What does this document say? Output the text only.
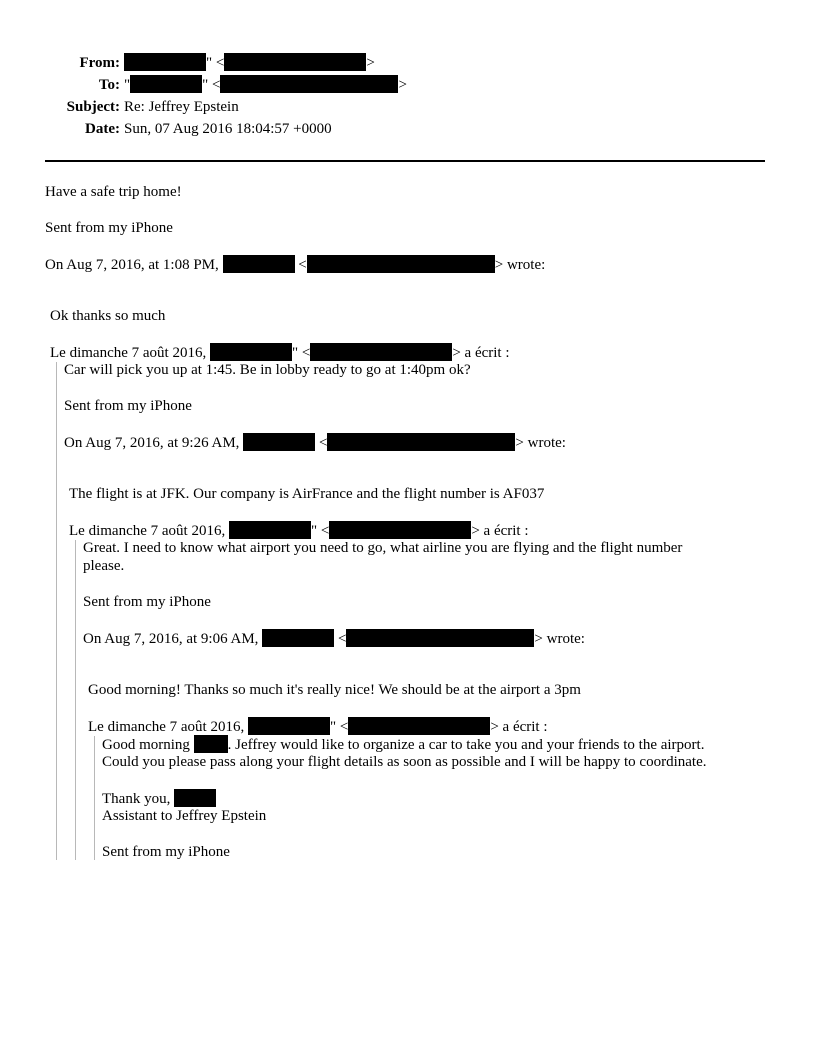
From:	" <	>
To: "	" <	>
Subject: Re: Jeffrey Epstein
Date: Sun, 07 Aug 2016 18:04:57 +0000
Have a safe trip home!
Sent from my iPhone
On Aug 7, 2016, at 1:08 PM,	<	> wrote:
Ok thanks so much
Le dimanche 7 août 2016,	" <	> a écrit :
Car will pick you up at 1:45. Be in lobby ready to go at 1:40pm ok?
Sent from my iPhone
On Aug 7, 2016, at 9:26 AM,	<	> wrote:
The flight is at JFK. Our company is AirFrance and the flight number is AF037
Le dimanche 7 août 2016,	" <	> a écrit :
Great. I need to know what airport you need to go, what airline you are flying and the flight number
please.
Sent from my iPhone
On Aug 7, 2016, at 9:06 AM,	<	> wrote:
Good morning! Thanks so much it's really nice! We should be at the airport a 3pm
Le dimanche 7 août 2016,	" <	> a écrit :
Good morning	. Jeffrey would like to organize a car to take you and your friends to the airport.
Could you please pass along your flight details as soon as possible and I will be happy to coordinate.
Thank you,
Assistant to Jeffrey Epstein
Sent from my iPhone
